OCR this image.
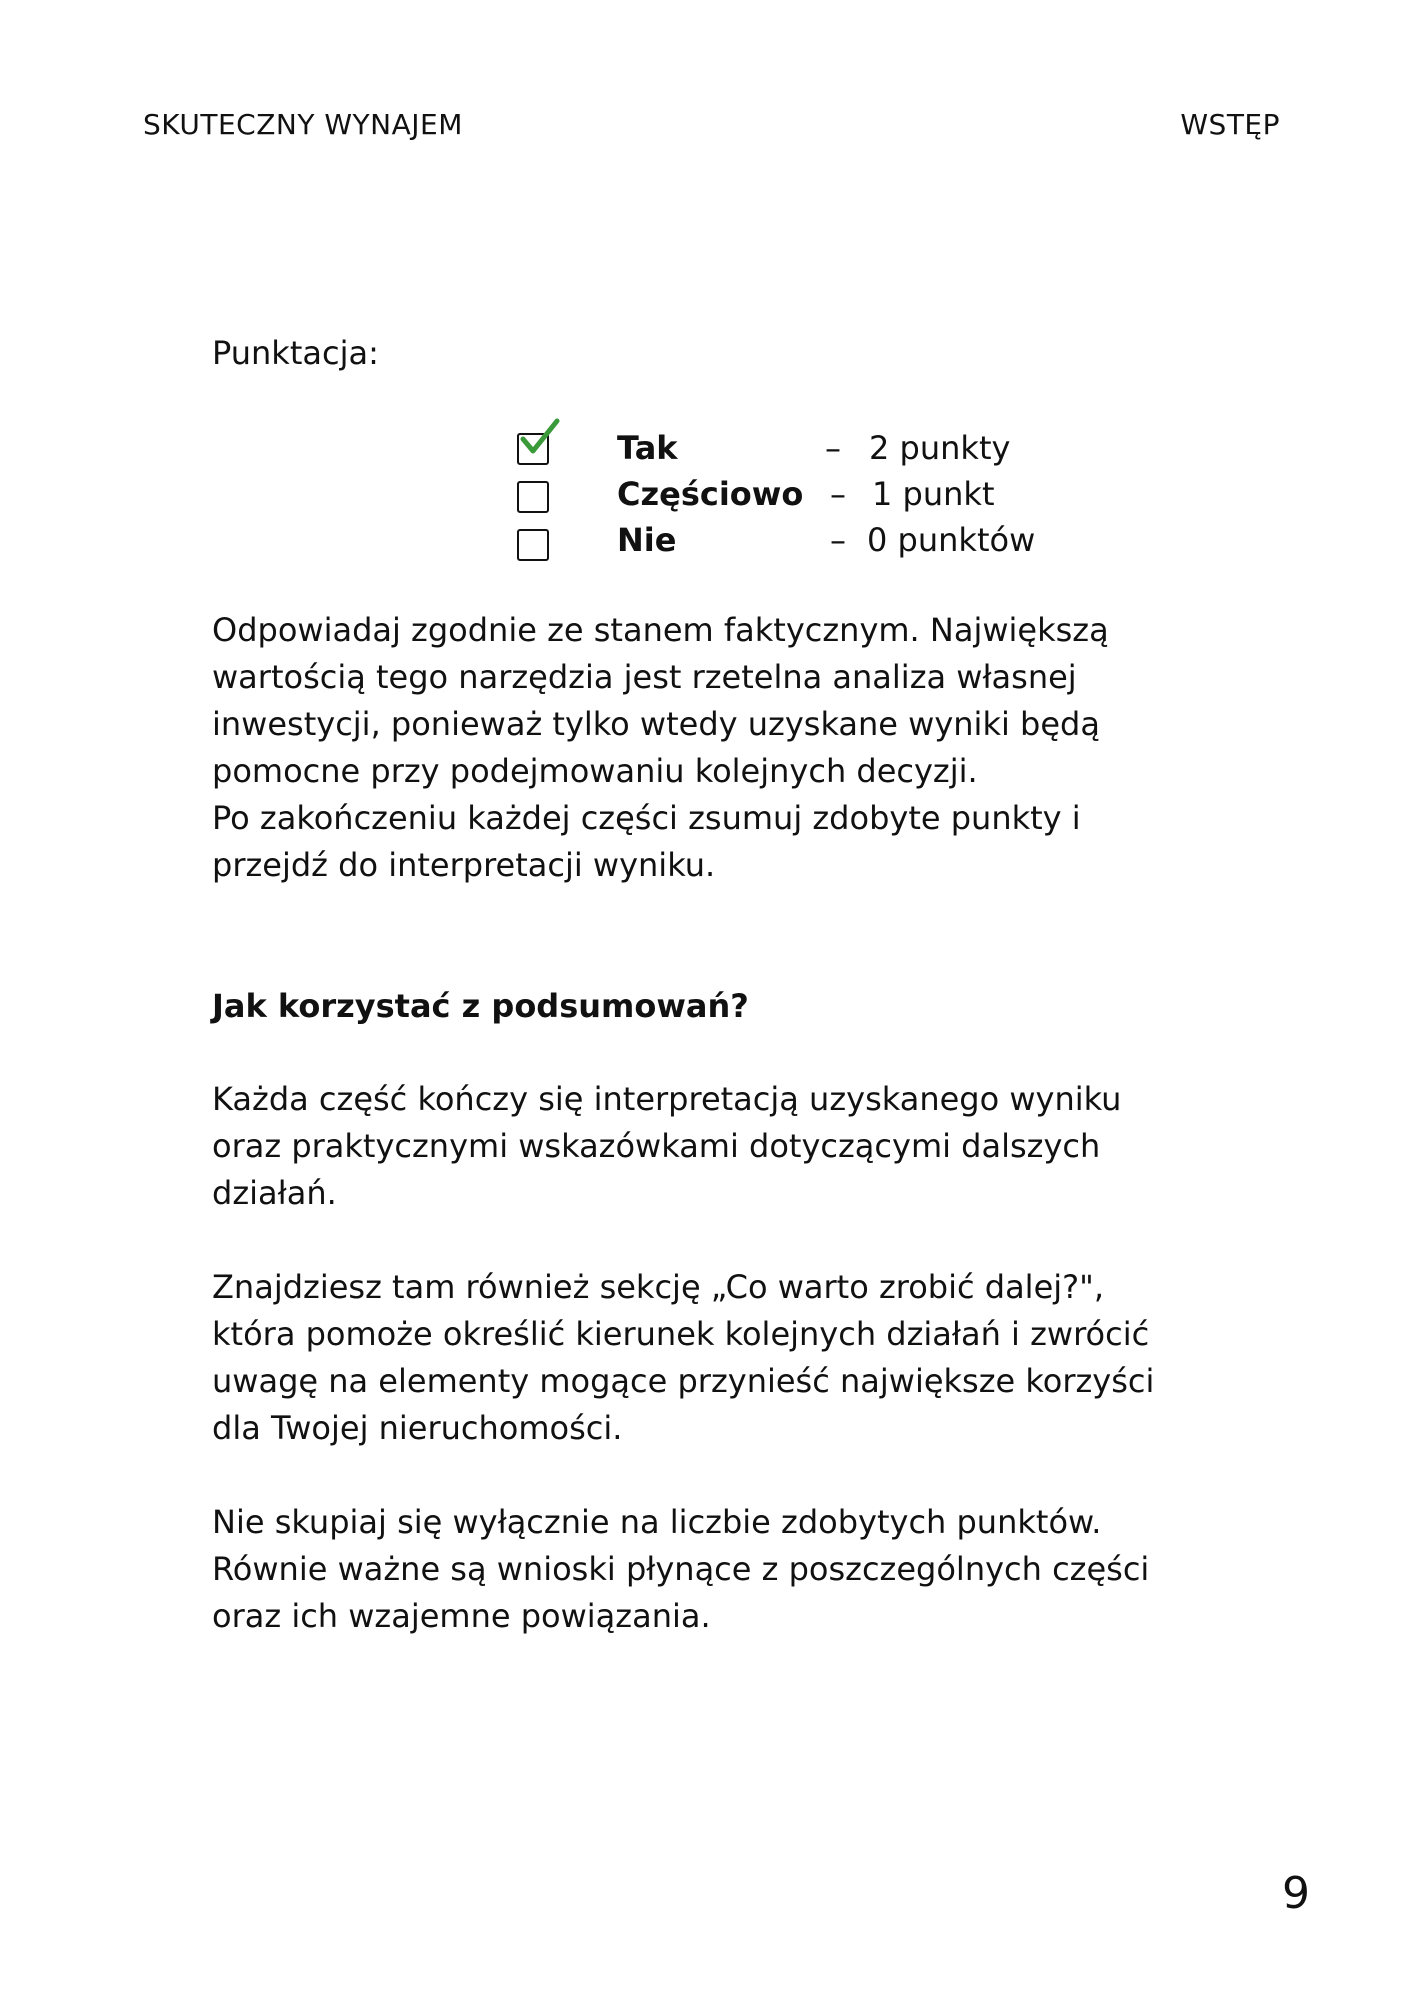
SKUTECZNY WYNAJEM	WSTĘP

Punktacja:

Tak	– 2 punkty
Częściowo – 1 punkt
Nie	– 0 punktów

Odpowiadaj zgodnie ze stanem faktycznym. Największą

wartością tego narzędzia jest rzetelna analiza własnej

inwestycji, ponieważ tylko wtedy uzyskane wyniki będą

pomocne przy podejmowaniu kolejnych decyzji.

Po zakończeniu każdej części zsumuj zdobyte punkty i

przejdź do interpretacji wyniku.

Jak korzystać z podsumowań?

Każda część kończy się interpretacją uzyskanego wyniku

oraz praktycznymi wskazówkami dotyczącymi dalszych

działań.

Znajdziesz tam również sekcję „Co warto zrobić dalej?",

która pomoże określić kierunek kolejnych działań i zwrócić

uwagę na elementy mogące przynieść największe korzyści

dla Twojej nieruchomości.

Nie skupiaj się wyłącznie na liczbie zdobytych punktów.

Równie ważne są wnioski płynące z poszczególnych części

oraz ich wzajemne powiązania.

9
